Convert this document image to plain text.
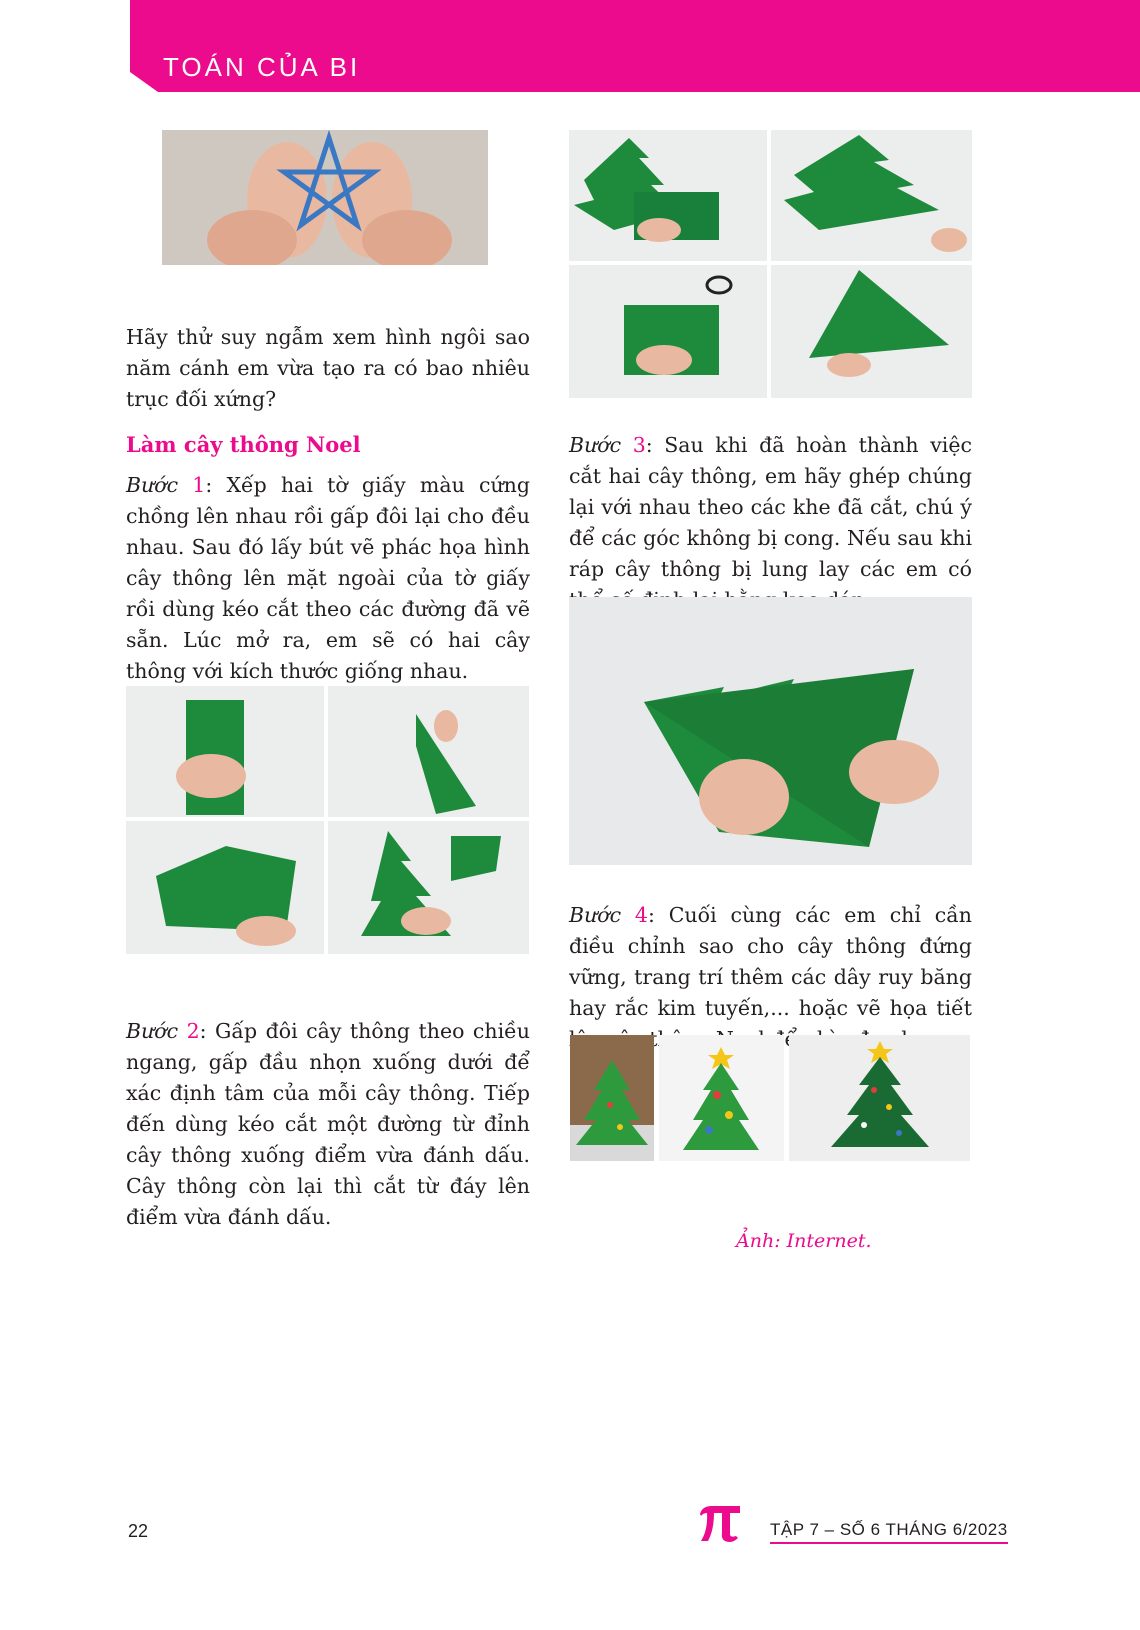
TOÁN CỦA BI

Hãy thử suy ngẫm xem hình ngôi sao năm cánh em vừa tạo ra có bao nhiêu trục đối xứng?

Làm cây thông Noel

Bước 1: Xếp hai tờ giấy màu cứng chồng lên nhau rồi gấp đôi lại cho đều nhau. Sau đó lấy bút vẽ phác họa hình cây thông lên mặt ngoài của tờ giấy rồi dùng kéo cắt theo các đường đã vẽ sẵn. Lúc mở ra, em sẽ có hai cây thông với kích thước giống nhau.

Bước 2: Gấp đôi cây thông theo chiều ngang, gấp đầu nhọn xuống dưới để xác định tâm của mỗi cây thông. Tiếp đến dùng kéo cắt một đường từ đỉnh cây thông xuống điểm vừa đánh dấu. Cây thông còn lại thì cắt từ đáy lên điểm vừa đánh dấu.

Bước 3: Sau khi đã hoàn thành việc cắt hai cây thông, em hãy ghép chúng lại với nhau theo các khe đã cắt, chú ý để các góc không bị cong. Nếu sau khi ráp cây thông bị lung lay các em có

Bước 4: Cuối cùng các em chỉ cần điều chỉnh sao cho cây thông đứng vững, trang trí thêm các dây ruy băng hay rắc kim tuyến,... hoặc vẽ họa tiết để

Ảnh: Internet.
22	TẬP 7 – SỐ 6 THÁNG 6/2023
